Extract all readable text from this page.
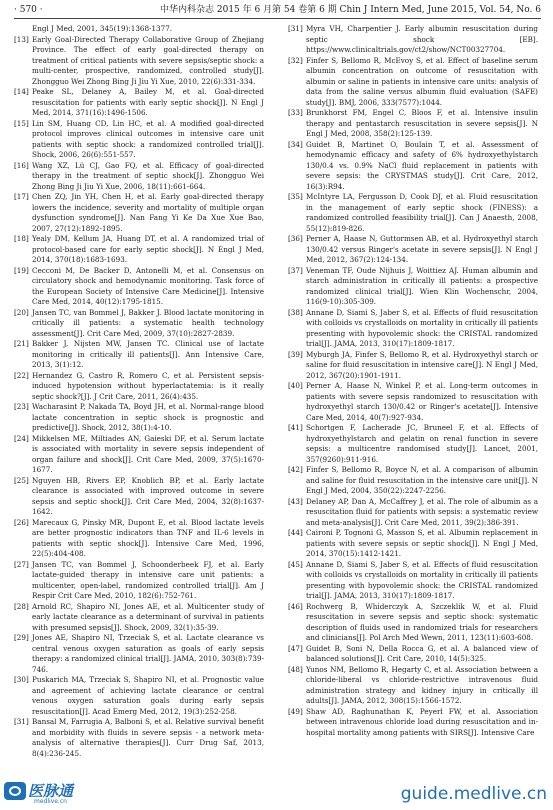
· 570 ·	中华内科杂志 2015 年 6 月第 54 卷第 6 期 Chin J Intern Med, June 2015, Vol. 54, No. 6
Engl J Med, 2001, 345(19):1368-1377.
[13] Early Goal-Directed Therapy Collaborative Group of Zhejiang Province. The effect of early goal-directed therapy on treatment of critical patients with severe sepsis/septic shock: a multi-center, prospective, randomized, controlled study[J]. Zhongguo Wei Zhong Bing Ji Jiu Yi Xue, 2010, 22(6):331-334.
[14] Peake SL, Delaney A, Bailey M, et al. Goal-directed resuscitation for patients with early septic shock[J]. N Engl J Med, 2014, 371(16):1496-1506.
[15] Lin SM, Huang CD, Lin HC, et al. A modified goal-directed protocol improves clinical outcomes in intensive care unit patients with septic shock: a randomized controlled trial[J]. Shock, 2006, 26(6):551-557.
[16] Wang XZ, Lü CJ, Gao FQ, et al. Efficacy of goal-directed therapy in the treatment of septic shock[J]. Zhongguo Wei Zhong Bing Ji Jiu Yi Xue, 2006, 18(11):661-664.
[17] Chen ZQ, Jin YH, Chen H, et al. Early goal-directed therapy lowers the incidence, severity and mortality of multiple organ dysfunction syndrome[J]. Nan Fang Yi Ke Da Xue Xue Bao, 2007, 27(12):1892-1895.
[18] Yealy DM, Kellum JA, Huang DT, et al. A randomized trial of protocol-based care for early septic shock[J]. N Engl J Med, 2014, 370(18):1683-1693.
[19] Cecconi M, De Backer D, Antonelli M, et al. Consensus on circulatory shock and hemodynamic monitoring. Task force of the European Society of Intensive Care Medicine[J]. Intensive Care Med, 2014, 40(12):1795-1815.
[20] Jansen TC, van Bommel J, Bakker J. Blood lactate monitoring in critically ill patients: a systematic health technology assessment[J]. Crit Care Med, 2009, 37(10):2827-2839.
[21] Bakker J, Nijsten MW, Jansen TC. Clinical use of lactate monitoring in critically ill patients[J]. Ann Intensive Care, 2013, 3(1):12.
[22] Hernandez G, Castro R, Romero C, et al. Persistent sepsis-induced hypotension without hyperlactatemia: is it really septic shock?[J]. J Crit Care, 2011, 26(4):435.
[23] Wacharasint P, Nakada TA, Boyd JH, et al. Normal-range blood lactate concentration in septic shock is prognostic and predictive[J]. Shock, 2012, 38(1):4-10.
[24] Mikkelsen ME, Miltiades AN, Gaieski DF, et al. Serum lactate is associated with mortality in severe sepsis independent of organ failure and shock[J]. Crit Care Med, 2009, 37(5):1670-1677.
[25] Nguyen HB, Rivers EP, Knoblich BP, et al. Early lactate clearance is associated with improved outcome in severe sepsis and septic shock[J]. Crit Care Med, 2004, 32(8):1637-1642.
[26] Marecaux G, Pinsky MR, Dupont E, et al. Blood lactate levels are better prognostic indicators than TNF and IL-6 levels in patients with septic shock[J]. Intensive Care Med, 1996, 22(5):404-408.
[27] Jansen TC, van Bommel J, Schoonderbeek FJ, et al. Early lactate-guided therapy in intensive care unit patients: a multicenter, open-label, randomized controlled trial[J]. Am J Respir Crit Care Med, 2010, 182(6):752-761.
[28] Arnold RC, Shapiro NI, Jones AE, et al. Multicenter study of early lactate clearance as a determinant of survival in patients with presumed sepsis[J]. Shock, 2009, 32(1):35-39.
[29] Jones AE, Shapiro NI, Trzeciak S, et al. Lactate clearance vs central venous oxygen saturation as goals of early sepsis therapy: a randomized clinical trial[J]. JAMA, 2010, 303(8):739-746.
[30] Puskarich MA, Trzeciak S, Shapiro NI, et al. Prognostic value and agreement of achieving lactate clearance or central venous oxygen saturation goals during early sepsis resuscitation[J]. Acad Emerg Med, 2012, 19(3):252-258.
[31] Bansal M, Farrugia A, Balboni S, et al. Relative survival benefit and morbidity with fluids in severe sepsis - a network meta-analysis of alternative therapies[J]. Curr Drug Saf, 2013, 8(4):236-245.
[31] Myra VH, Charpentier J. Early albumin resuscitation during septic shock [EB]. https://www.clinicaltrials.gov/ct2/show/NCT00327704.
[32] Finfer S, Bellomo R, McEvoy S, et al. Effect of baseline serum albumin concentration on outcome of resuscitation with albumin or saline in patients in intensive care units: analysis of data from the saline versus albumin fluid evaluation (SAFE) study[J]. BMJ, 2006, 333(7577):1044.
[33] Brunkhorst FM, Engel C, Bloos F, et al. Intensive insulin therapy and pentastarch resuscitation in severe sepsis[J]. N Engl J Med, 2008, 358(2):125-139.
[34] Guidet B, Martinet O, Boulain T, et al. Assessment of hemodynamic efficacy and safety of 6% hydroxyethylstarch 130/0.4 vs. 0.9% NaCl fluid replacement in patients with severe sepsis: the CRYSTMAS study[J]. Crit Care, 2012, 16(3):R94.
[35] McIntyre LA, Fergusson D, Cook DJ, et al. Fluid resuscitation in the management of early septic shock (FINESS): a randomized controlled feasibility trial[J]. Can J Anaesth, 2008, 55(12):819-826.
[36] Perner A, Haase N, Guttormsen AB, et al. Hydroxyethyl starch 130/0.42 versus Ringer's acetate in severe sepsis[J]. N Engl J Med, 2012, 367(2):124-134.
[37] Veneman TF, Oude Nijhuis J, Woittiez AJ. Human albumin and starch administration in critically ill patients: a prospective randomized clinical trial[J]. Wien Klin Wochenschr, 2004, 116(9-10):305-309.
[38] Annane D, Siami S, Jaber S, et al. Effects of fluid resuscitation with colloids vs crystalloids on mortality in critically ill patients presenting with hypovolemic shock: the CRISTAL randomized trial[J]. JAMA, 2013, 310(17):1809-1817.
[39] Myburgh JA, Finfer S, Bellomo R, et al. Hydroxyethyl starch or saline for fluid resuscitation in intensive care[J]. N Engl J Med, 2012, 367(20):1901-1911.
[40] Perner A, Haase N, Winkel P, et al. Long-term outcomes in patients with severe sepsis randomized to resuscitation with hydroxyethyl starch 130/0.42 or Ringer's acetate[J]. Intensive Care Med, 2014, 40(7):927-934.
[41] Schortgen F, Lacherade JC, Bruneel F, et al. Effects of hydroxyethylstarch and gelatin on renal function in severe sepsis: a multicentre randomised study[J]. Lancet, 2001, 357(9260):911-916.
[42] Finfer S, Bellomo R, Boyce N, et al. A comparison of albumin and saline for fluid resuscitation in the intensive care unit[J]. N Engl J Med, 2004, 350(22):2247-2256.
[43] Delaney AP, Dan A, McCaffrey J, et al. The role of albumin as a resuscitation fluid for patients with sepsis: a systematic review and meta-analysis[J]. Crit Care Med, 2011, 39(2):386-391.
[44] Caironi P, Tognoni G, Masson S, et al. Albumin replacement in patients with severe sepsis or septic shock[J]. N Engl J Med, 2014, 370(15):1412-1421.
[45] Annane D, Siami S, Jaber S, et al. Effects of fluid resuscitation with colloids vs crystalloids on mortality in critically ill patients presenting with hypovolemic shock: the CRISTAL randomized trial[J]. JAMA, 2013, 310(17):1809-1817.
[46] Rochwerg B, Whiderczyk A, Szczeklik W, et al. Fluid resuscitation in severe sepsis and septic shock: systematic description of fluids used in randomized trials for researchers and clinicians[J]. Pol Arch Med Wewn, 2011, 123(11):603-608.
[47] Guidet B, Soni N, Della Rocca G, et al. A balanced view of balanced solutions[J]. Crit Care, 2010, 14(5):325.
[48] Yunos NM, Bellomo R, Hegarty C, et al. Association between a chloride-liberal vs chloride-restrictive intravenous fluid administration strategy and kidney injury in critically ill adults[J]. JAMA, 2012, 308(15):1566-1572.
[49] Shaw AD, Raghunathan K, Peyerl FW, et al. Association between intravenous chloride load during resuscitation and in-hospital mortality among patients with SIRS[J]. Intensive Care
医脉通
medlive.cn	guide.medlive.cn
